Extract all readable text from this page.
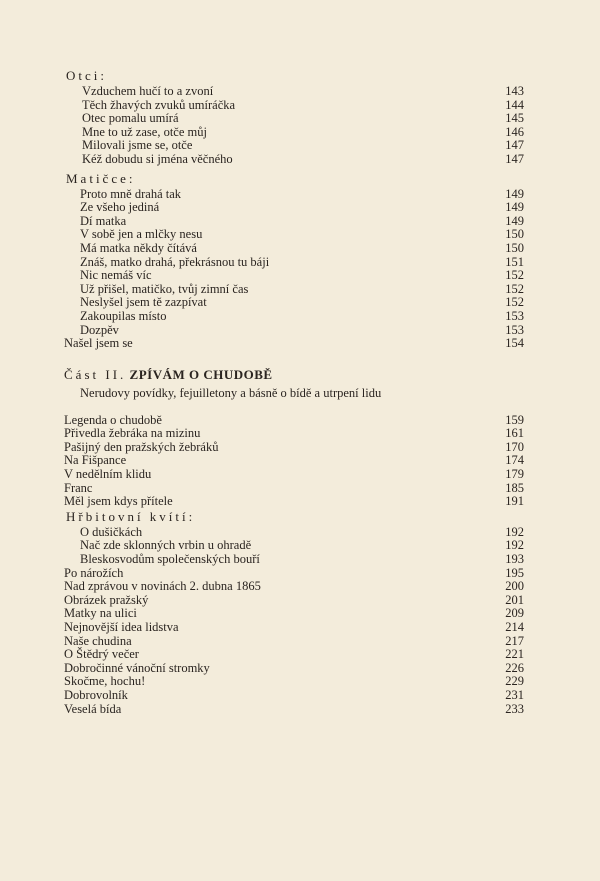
Otci:
Vzduchem hučí to a zvoní	143
Těch žhavých zvuků umíráčka	144
Otec pomalu umírá	145
Mne to už zase, otče můj	146
Milovali jsme se, otče	147
Kéž dobudu si jména věčného	147
Matičce:
Proto mně drahá tak	149
Ze všeho jediná	149
Dí matka	149
V sobě jen a mlčky nesu	150
Má matka někdy čítává	150
Znáš, matko drahá, překrásnou tu báji	151
Nic nemáš víc	152
Už přišel, matičko, tvůj zimní čas	152
Neslyšel jsem tě zazpívat	152
Zakoupilas místo	153
Dozpěv	153
Našel jsem se	154
Část II. ZPÍVÁM O CHUDOBĚ
Nerudovy povídky, fejuilletony a básně o bídě a utrpení lidu
Legenda o chudobě	159
Přivedla žebráka na mizinu	161
Pašijný den pražských žebráků	170
Na Fišpance	174
V nedělním klidu	179
Franc	185
Měl jsem kdys přítele	191
Hřbitovní kvítí:
O dušičkách	192
Nač zde sklonných vrbin u ohradě	192
Bleskosvodům společenských bouří	193
Po nárožích	195
Nad zprávou v novinách 2. dubna 1865	200
Obrázek pražský	201
Matky na ulici	209
Nejnovější idea lidstva	214
Naše chudina	217
O Štědrý večer	221
Dobročinné vánoční stromky	226
Skočme, hochu!	229
Dobrovolník	231
Veselá bída	233
